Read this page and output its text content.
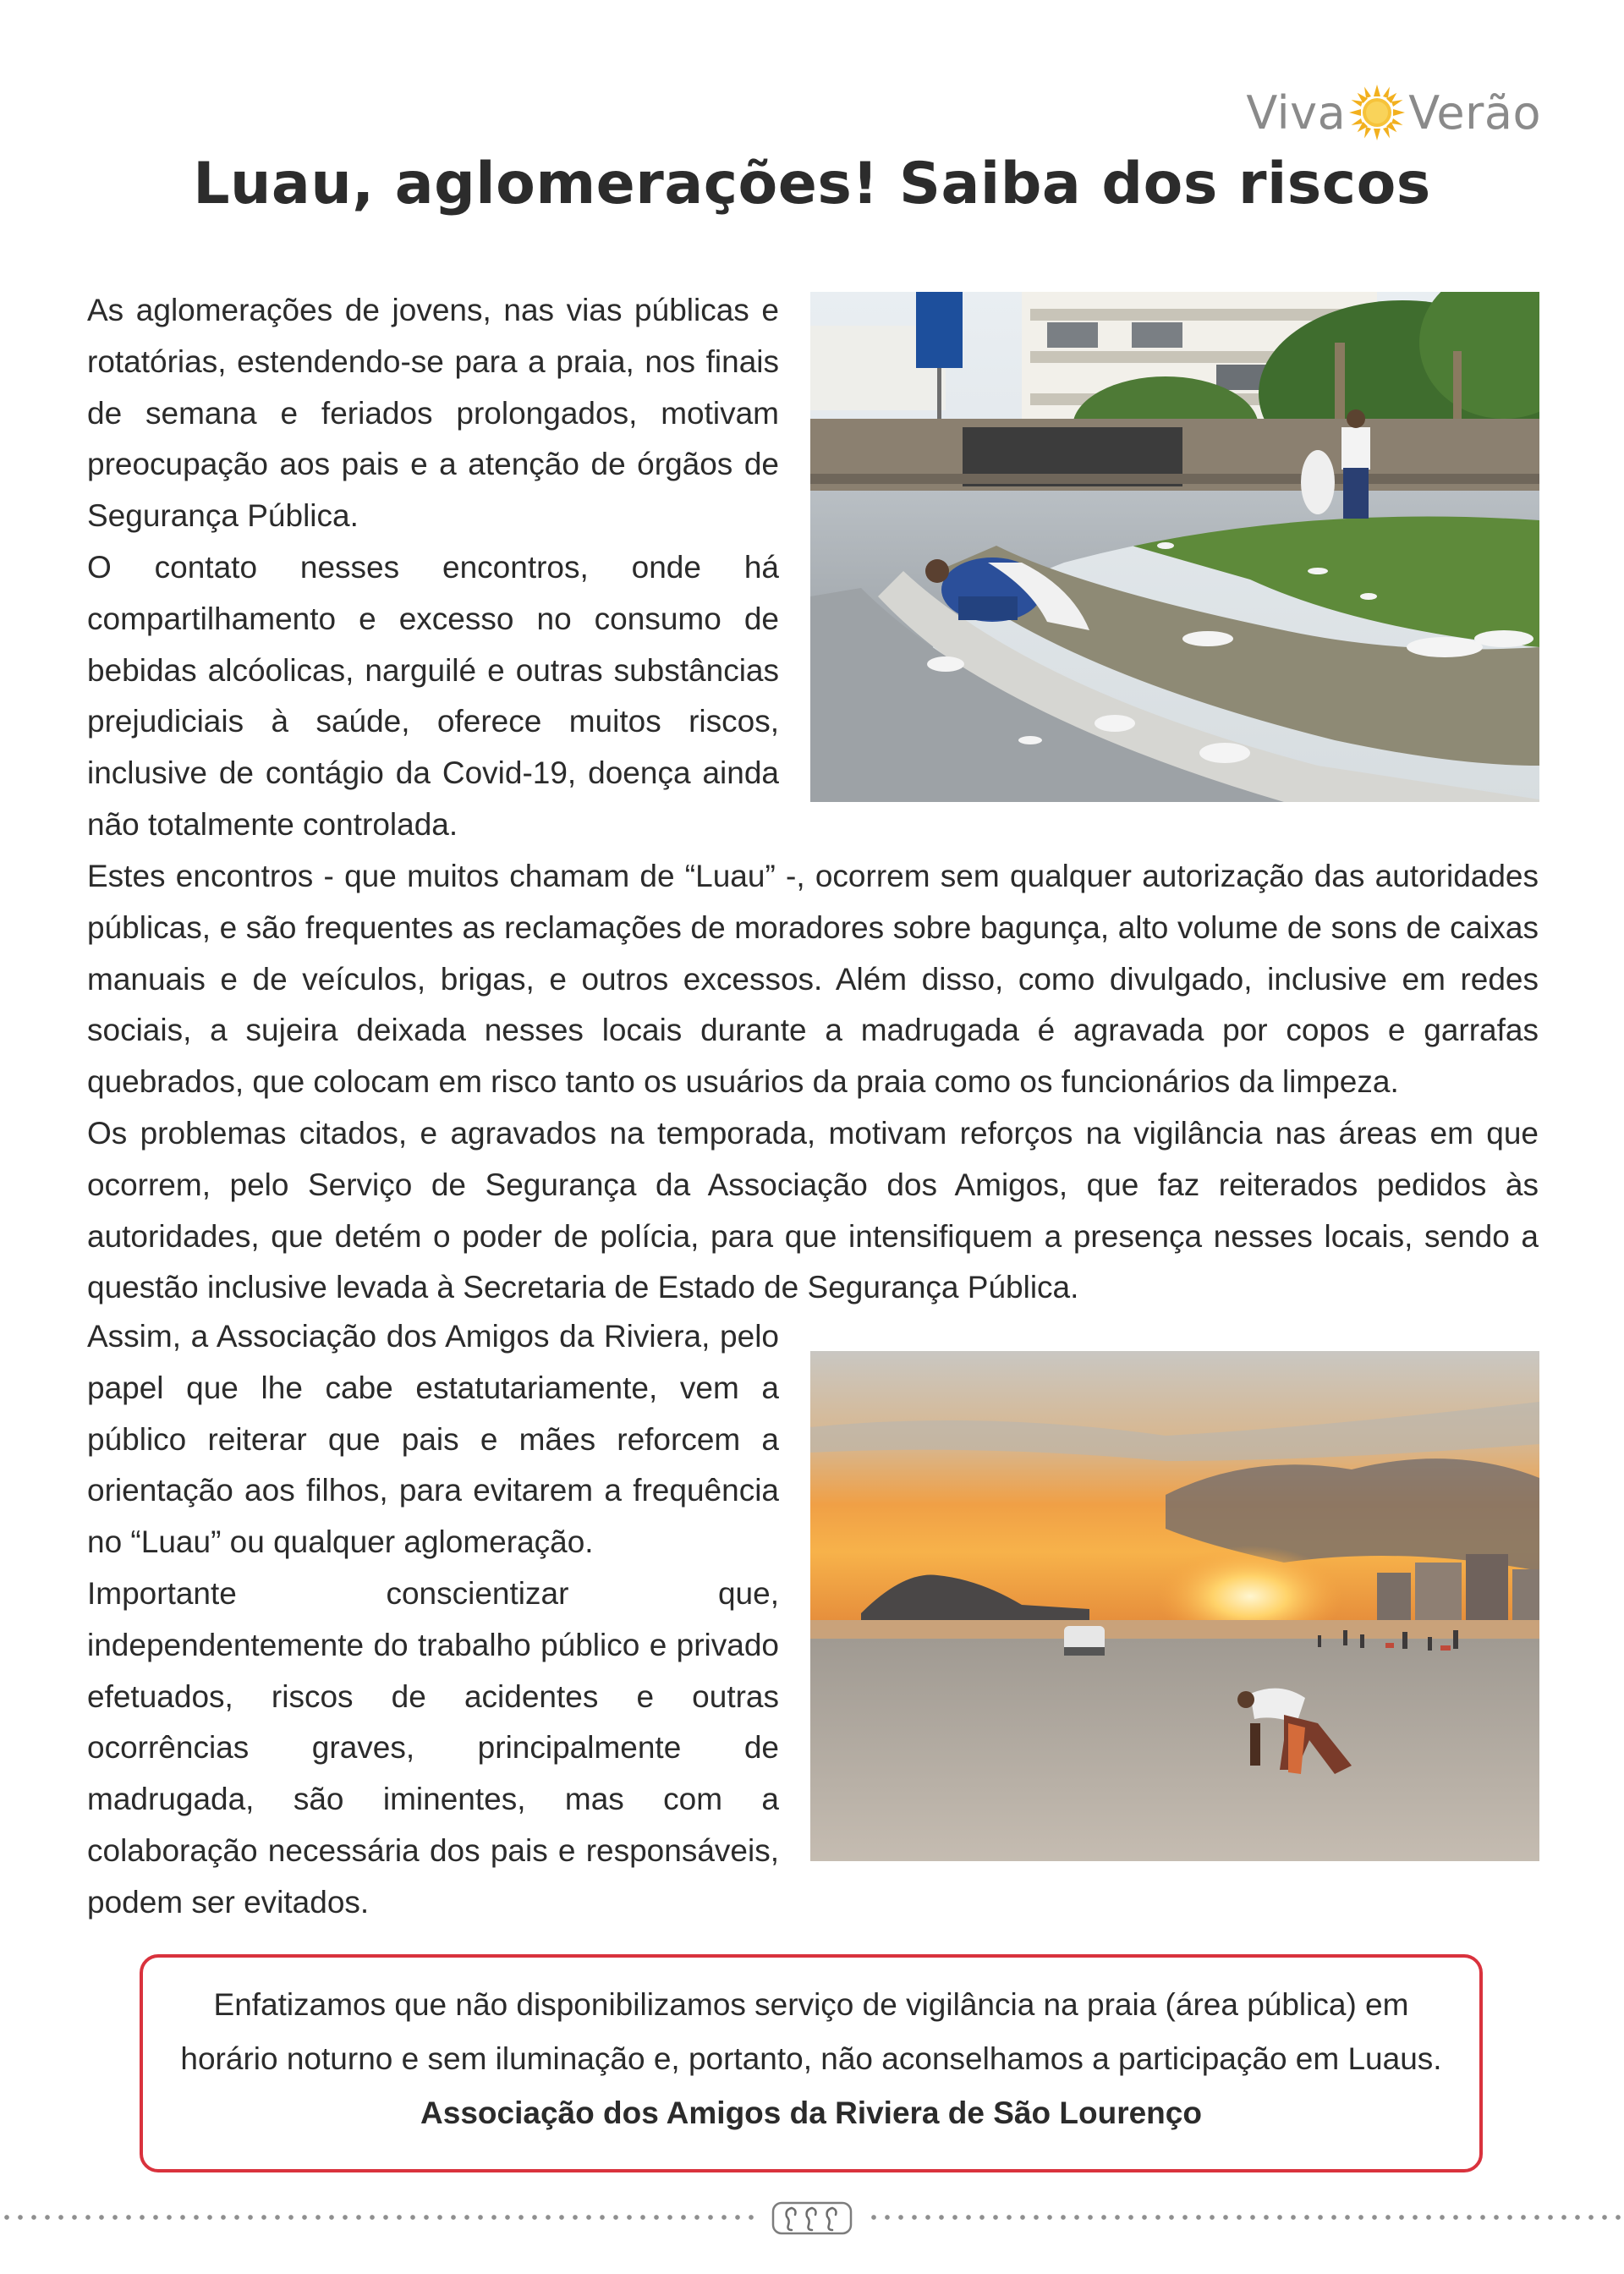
Viva Verão
Luau, aglomerações! Saiba dos riscos

As aglomerações de jovens, nas vias públicas e rotatórias, estendendo-se para a praia, nos finais de semana e feriados prolongados, motivam preocupação aos pais e a atenção de órgãos de Segurança Pública.

O contato nesses encontros, onde há compartilhamento e excesso no consumo de bebidas alcóolicas, narguilé e outras substâncias prejudiciais à saúde, oferece muitos riscos, inclusive de contágio da Covid-19, doença ainda não totalmente controlada.

Estes encontros - que muitos chamam de “Luau” -, ocorrem sem qualquer autorização das autoridades públicas, e são frequentes as reclamações de moradores sobre bagunça, alto volume de sons de caixas manuais e de veículos, brigas, e outros excessos. Além disso, como divulgado, inclusive em redes sociais, a sujeira deixada nesses locais durante a madrugada é agravada por copos e garrafas quebrados, que colocam em risco tanto os usuários da praia como os funcionários da limpeza.

Os problemas citados, e agravados na temporada, motivam reforços na vigilância nas áreas em que ocorrem, pelo Serviço de Segurança da Associação dos Amigos, que faz reiterados pedidos às autoridades, que detém o poder de polícia, para que intensifiquem a presença nesses locais, sendo a questão inclusive levada à Secretaria de Estado de Segurança Pública.

Assim, a Associação dos Amigos da Riviera, pelo papel que lhe cabe estatutariamente, vem a público reiterar que pais e mães reforcem a orientação aos filhos, para evitarem a frequência no “Luau” ou qualquer aglomeração.

Importante conscientizar que, independentemente do trabalho público e privado efetuados, riscos de acidentes e outras ocorrências graves, principalmente de madrugada, são iminentes, mas com a colaboração necessária dos pais e responsáveis, podem ser evitados.

Enfatizamos que não disponibilizamos serviço de vigilância na praia (área pública) em

horário noturno e sem iluminação e, portanto, não aconselhamos a participação em Luaus.

Associação dos Amigos da Riviera de São Lourenço
